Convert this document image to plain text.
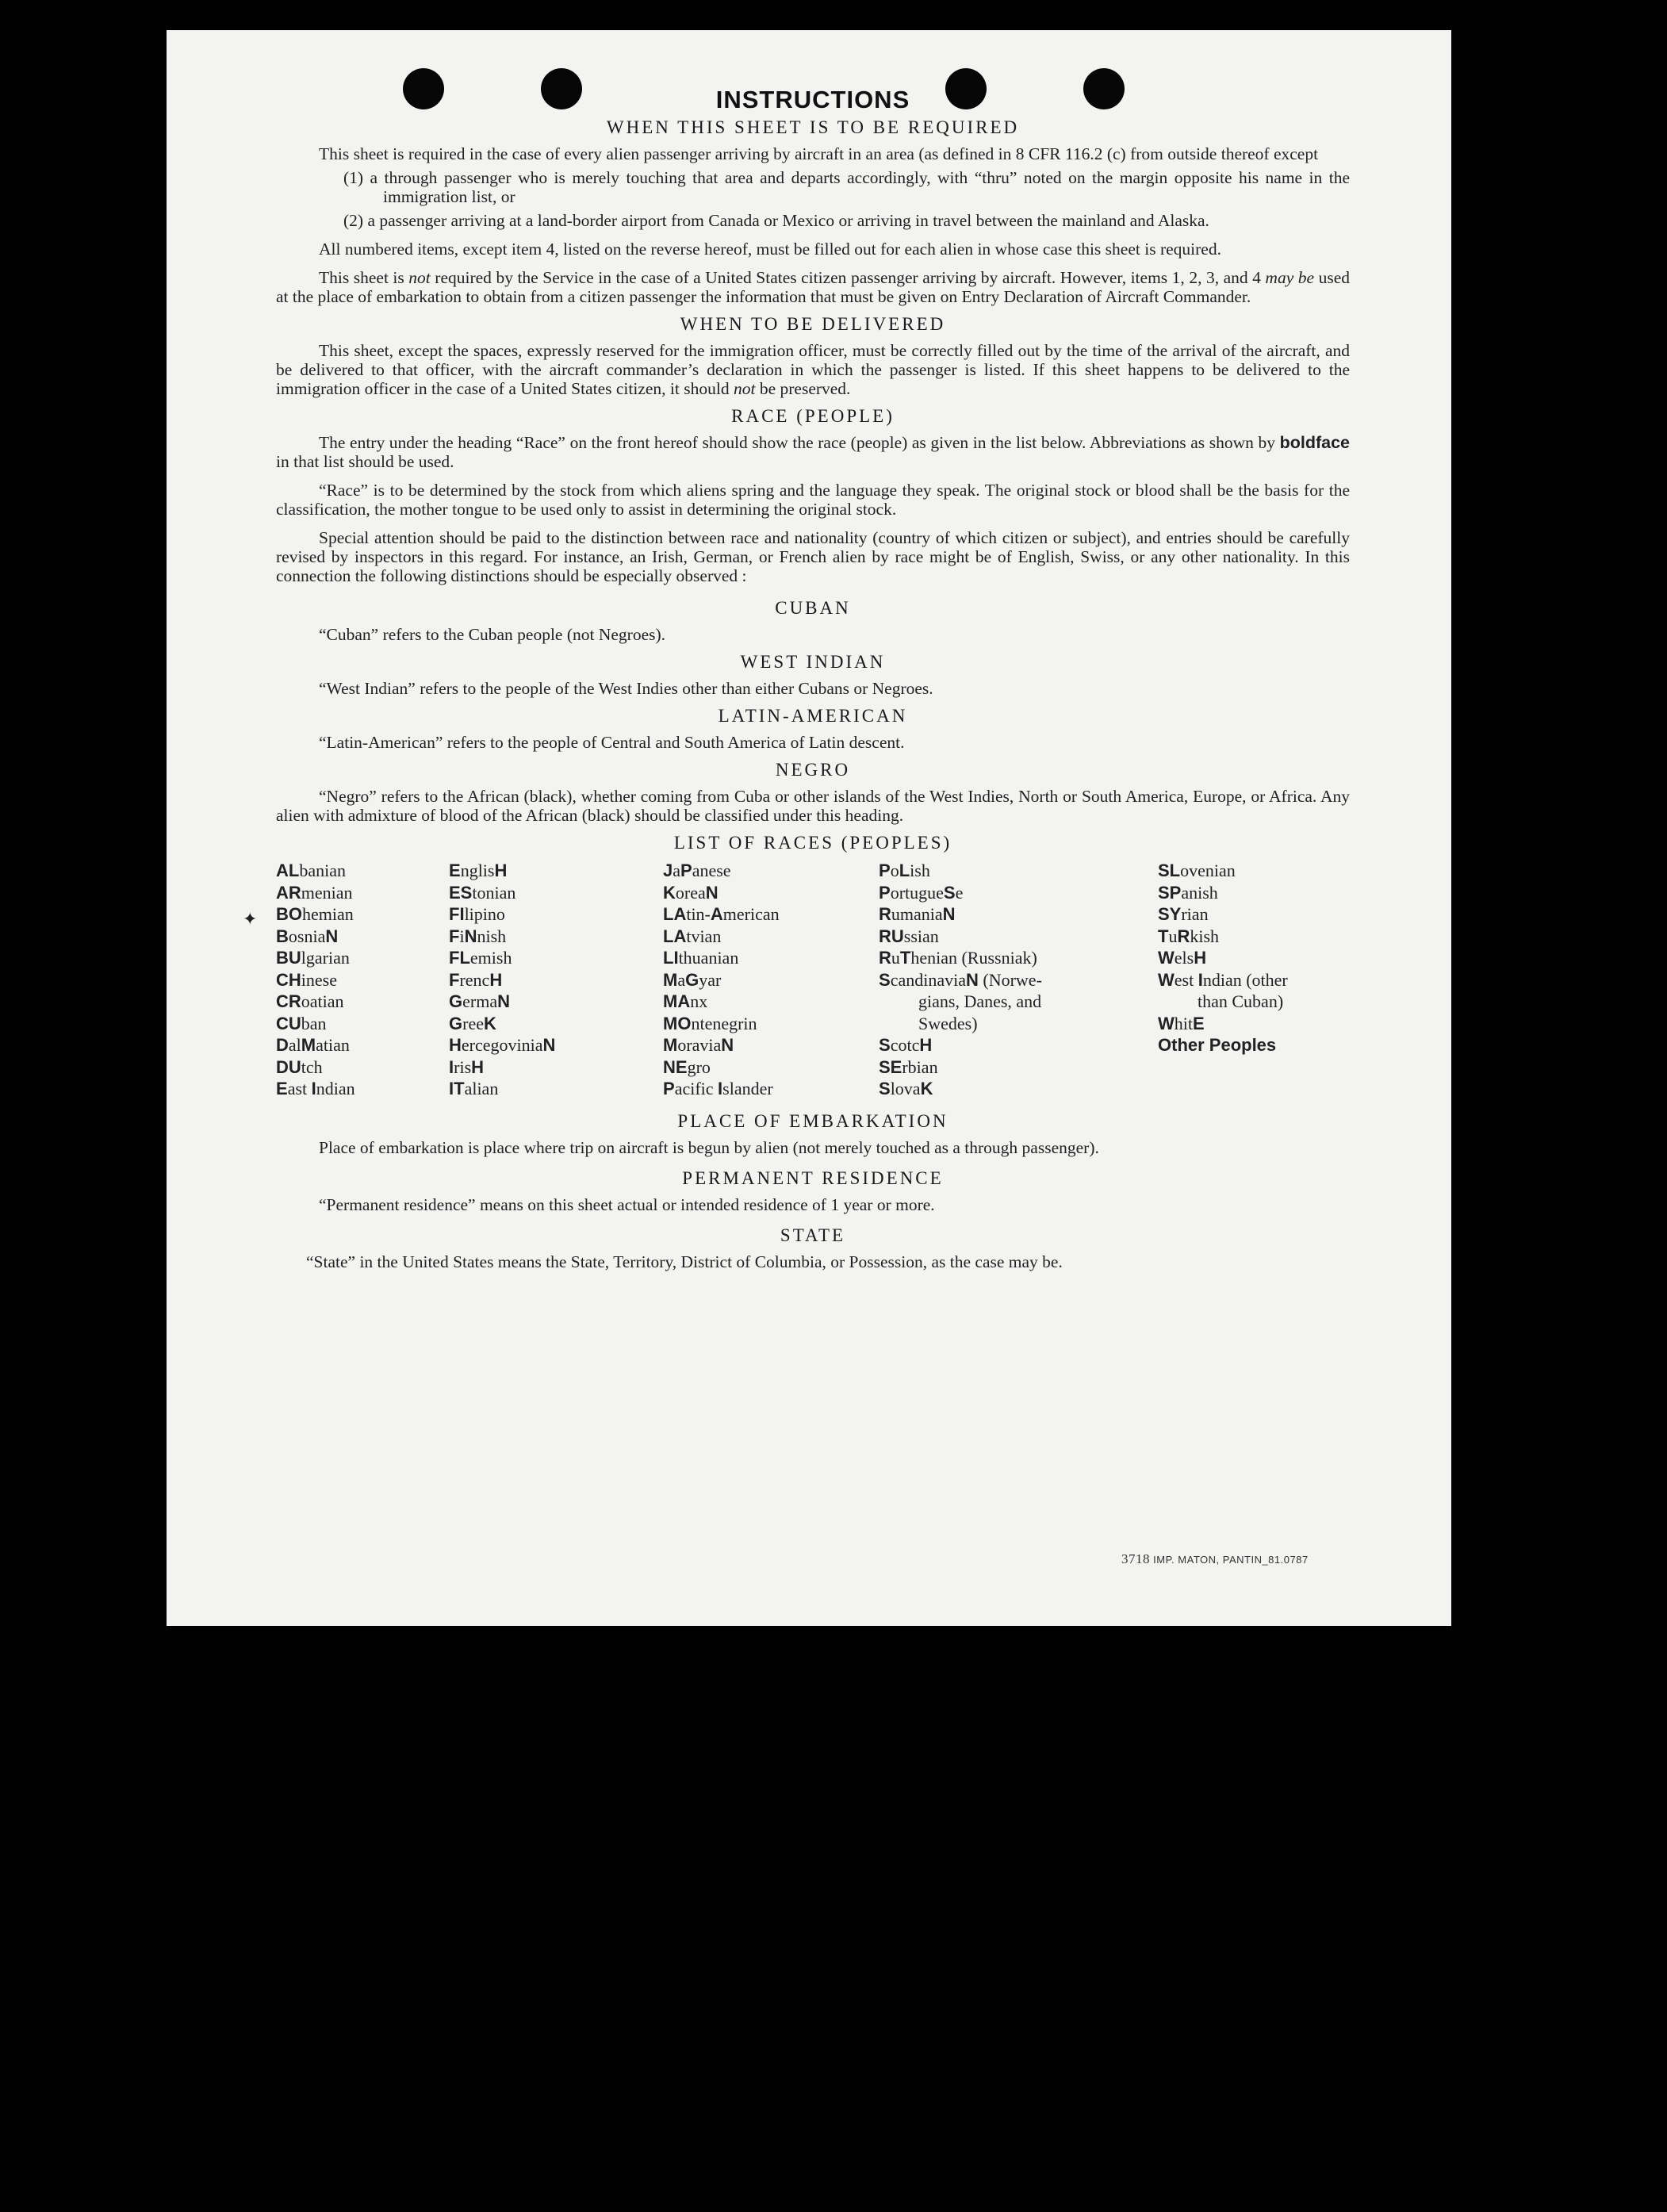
✦
INSTRUCTIONS
WHEN THIS SHEET IS TO BE REQUIRED

This sheet is required in the case of every alien passenger arriving by aircraft in an area (as defined in 8 CFR 116.2 (c) from outside thereof except

(1) a through passenger who is merely touching that area and departs accordingly, with “thru” noted on the margin opposite his name in the immigration list, or
(2) a passenger arriving at a land-border airport from Canada or Mexico or arriving in travel between the mainland and Alaska.

All numbered items, except item 4, listed on the reverse hereof, must be filled out for each alien in whose case this sheet is required.

This sheet is not required by the Service in the case of a United States citizen passenger arriving by aircraft. However, items 1, 2, 3, and 4 may be used at the place of embarkation to obtain from a citizen passenger the information that must be given on Entry Declaration of Aircraft Commander.

WHEN TO BE DELIVERED

This sheet, except the spaces, expressly reserved for the immigration officer, must be correctly filled out by the time of the arrival of the aircraft, and be delivered to that officer, with the aircraft commander’s declaration in which the passenger is listed. If this sheet happens to be delivered to the immigration officer in the case of a United States citizen, it should not be preserved.

RACE (PEOPLE)

The entry under the heading “Race” on the front hereof should show the race (people) as given in the list below. Abbreviations as shown by boldface in that list should be used.

“Race” is to be determined by the stock from which aliens spring and the language they speak. The original stock or blood shall be the basis for the classification, the mother tongue to be used only to assist in determining the original stock.

Special attention should be paid to the distinction between race and nationality (country of which citizen or subject), and entries should be carefully revised by inspectors in this regard. For instance, an Irish, German, or French alien by race might be of English, Swiss, or any other nationality. In this connection the following distinctions should be especially observed :

CUBAN

“Cuban” refers to the Cuban people (not Negroes).

WEST INDIAN

“West Indian” refers to the people of the West Indies other than either Cubans or Negroes.

LATIN-AMERICAN

“Latin-American” refers to the people of Central and South America of Latin descent.

NEGRO

“Negro” refers to the African (black), whether coming from Cuba or other islands of the West Indies, North or South America, Europe, or Africa. Any alien with admixture of blood of the African (black) should be classified under this heading.

LIST OF RACES (PEOPLES)
ALbanian
ARmenian
BOhemian
BosniaN
BUlgarian
CHinese
CRoatian
CUban
DalMatian
DUtch
East Indian
EnglisH
EStonian
FIlipino
FiNnish
FLemish
FrencH
GermaN
GreeK
HercegoviniaN
IrisH
ITalian
JaPanese
KoreaN
LAtin-American
LAtvian
LIthuanian
MaGyar
MAnx
MOntenegrin
MoraviaN
NEgro
Pacific Islander
PoLish
PortugueSe
RumaniaN
RUssian
RuThenian (Russniak)
ScandinaviaN (Norwe-
gians, Danes, and
Swedes)
ScotcH
SErbian
SlovaK
SLovenian
SPanish
SYrian
TuRkish
WelsH
West Indian (other
than Cuban)
WhitE
Other Peoples
PLACE OF EMBARKATION

Place of embarkation is place where trip on aircraft is begun by alien (not merely touched as a through passenger).

PERMANENT RESIDENCE

“Permanent residence” means on this sheet actual or intended residence of 1 year or more.

STATE

“State” in the United States means the State, Territory, District of Columbia, or Possession, as the case may be.

3718 IMP. MATON, PANTIN_81.0787
